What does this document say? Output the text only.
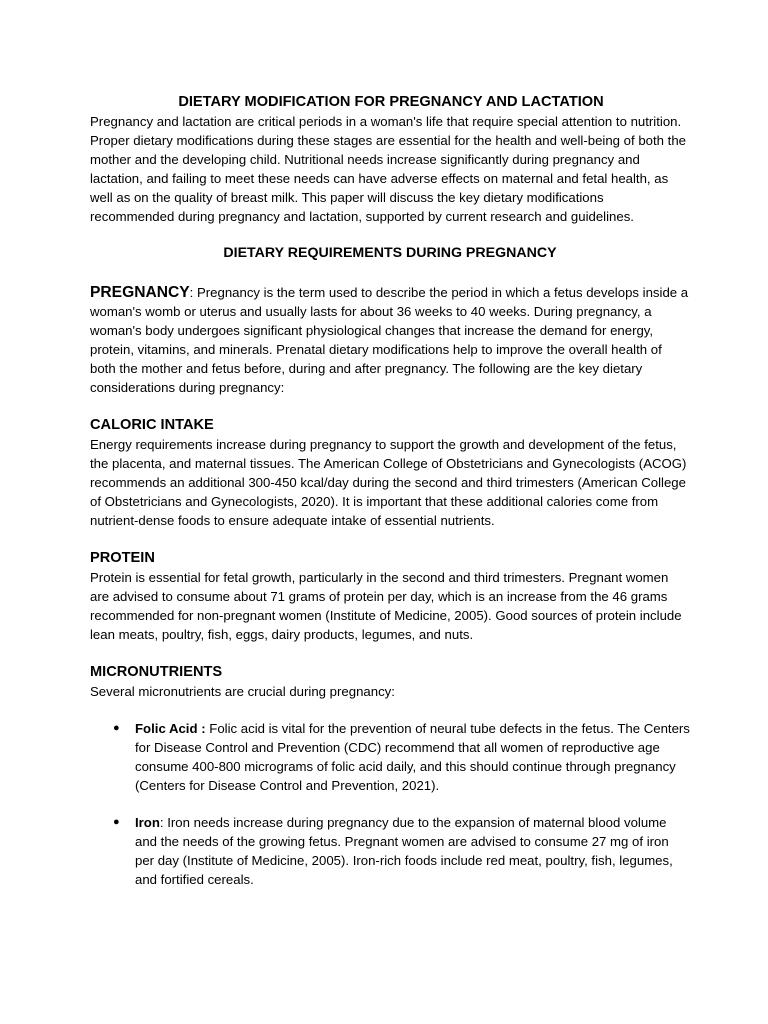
DIETARY MODIFICATION FOR PREGNANCY AND LACTATION

Pregnancy and lactation are critical periods in a woman's life that require special attention to nutrition. Proper dietary modifications during these stages are essential for the health and well-being of both the mother and the developing child. Nutritional needs increase significantly during pregnancy and lactation, and failing to meet these needs can have adverse effects on maternal and fetal health, as well as on the quality of breast milk. This paper will discuss the key dietary modifications recommended during pregnancy and lactation, supported by current research and guidelines.

DIETARY REQUIREMENTS DURING PREGNANCY

PREGNANCY: Pregnancy is the term used to describe the period in which a fetus develops inside a woman's womb or uterus and usually lasts for about 36 weeks to 40 weeks. During pregnancy, a woman's body undergoes significant physiological changes that increase the demand for energy, protein, vitamins, and minerals. Prenatal dietary modifications help to improve the overall health of both the mother and fetus before, during and after pregnancy. The following are the key dietary considerations during pregnancy:

CALORIC INTAKE

Energy requirements increase during pregnancy to support the growth and development of the fetus, the placenta, and maternal tissues. The American College of Obstetricians and Gynecologists (ACOG) recommends an additional 300-450 kcal/day during the second and third trimesters (American College of Obstetricians and Gynecologists, 2020). It is important that these additional calories come from nutrient-dense foods to ensure adequate intake of essential nutrients.

PROTEIN

Protein is essential for fetal growth, particularly in the second and third trimesters. Pregnant women are advised to consume about 71 grams of protein per day, which is an increase from the 46 grams recommended for non-pregnant women (Institute of Medicine, 2005). Good sources of protein include lean meats, poultry, fish, eggs, dairy products, legumes, and nuts.

MICRONUTRIENTS

Several micronutrients are crucial during pregnancy:

● Folic Acid : Folic acid is vital for the prevention of neural tube defects in the fetus. The Centers for Disease Control and Prevention (CDC) recommend that all women of reproductive age consume 400-800 micrograms of folic acid daily, and this should continue through pregnancy (Centers for Disease Control and Prevention, 2021).
● Iron: Iron needs increase during pregnancy due to the expansion of maternal blood volume and the needs of the growing fetus. Pregnant women are advised to consume 27 mg of iron per day (Institute of Medicine, 2005). Iron-rich foods include red meat, poultry, fish, legumes, and fortified cereals.
